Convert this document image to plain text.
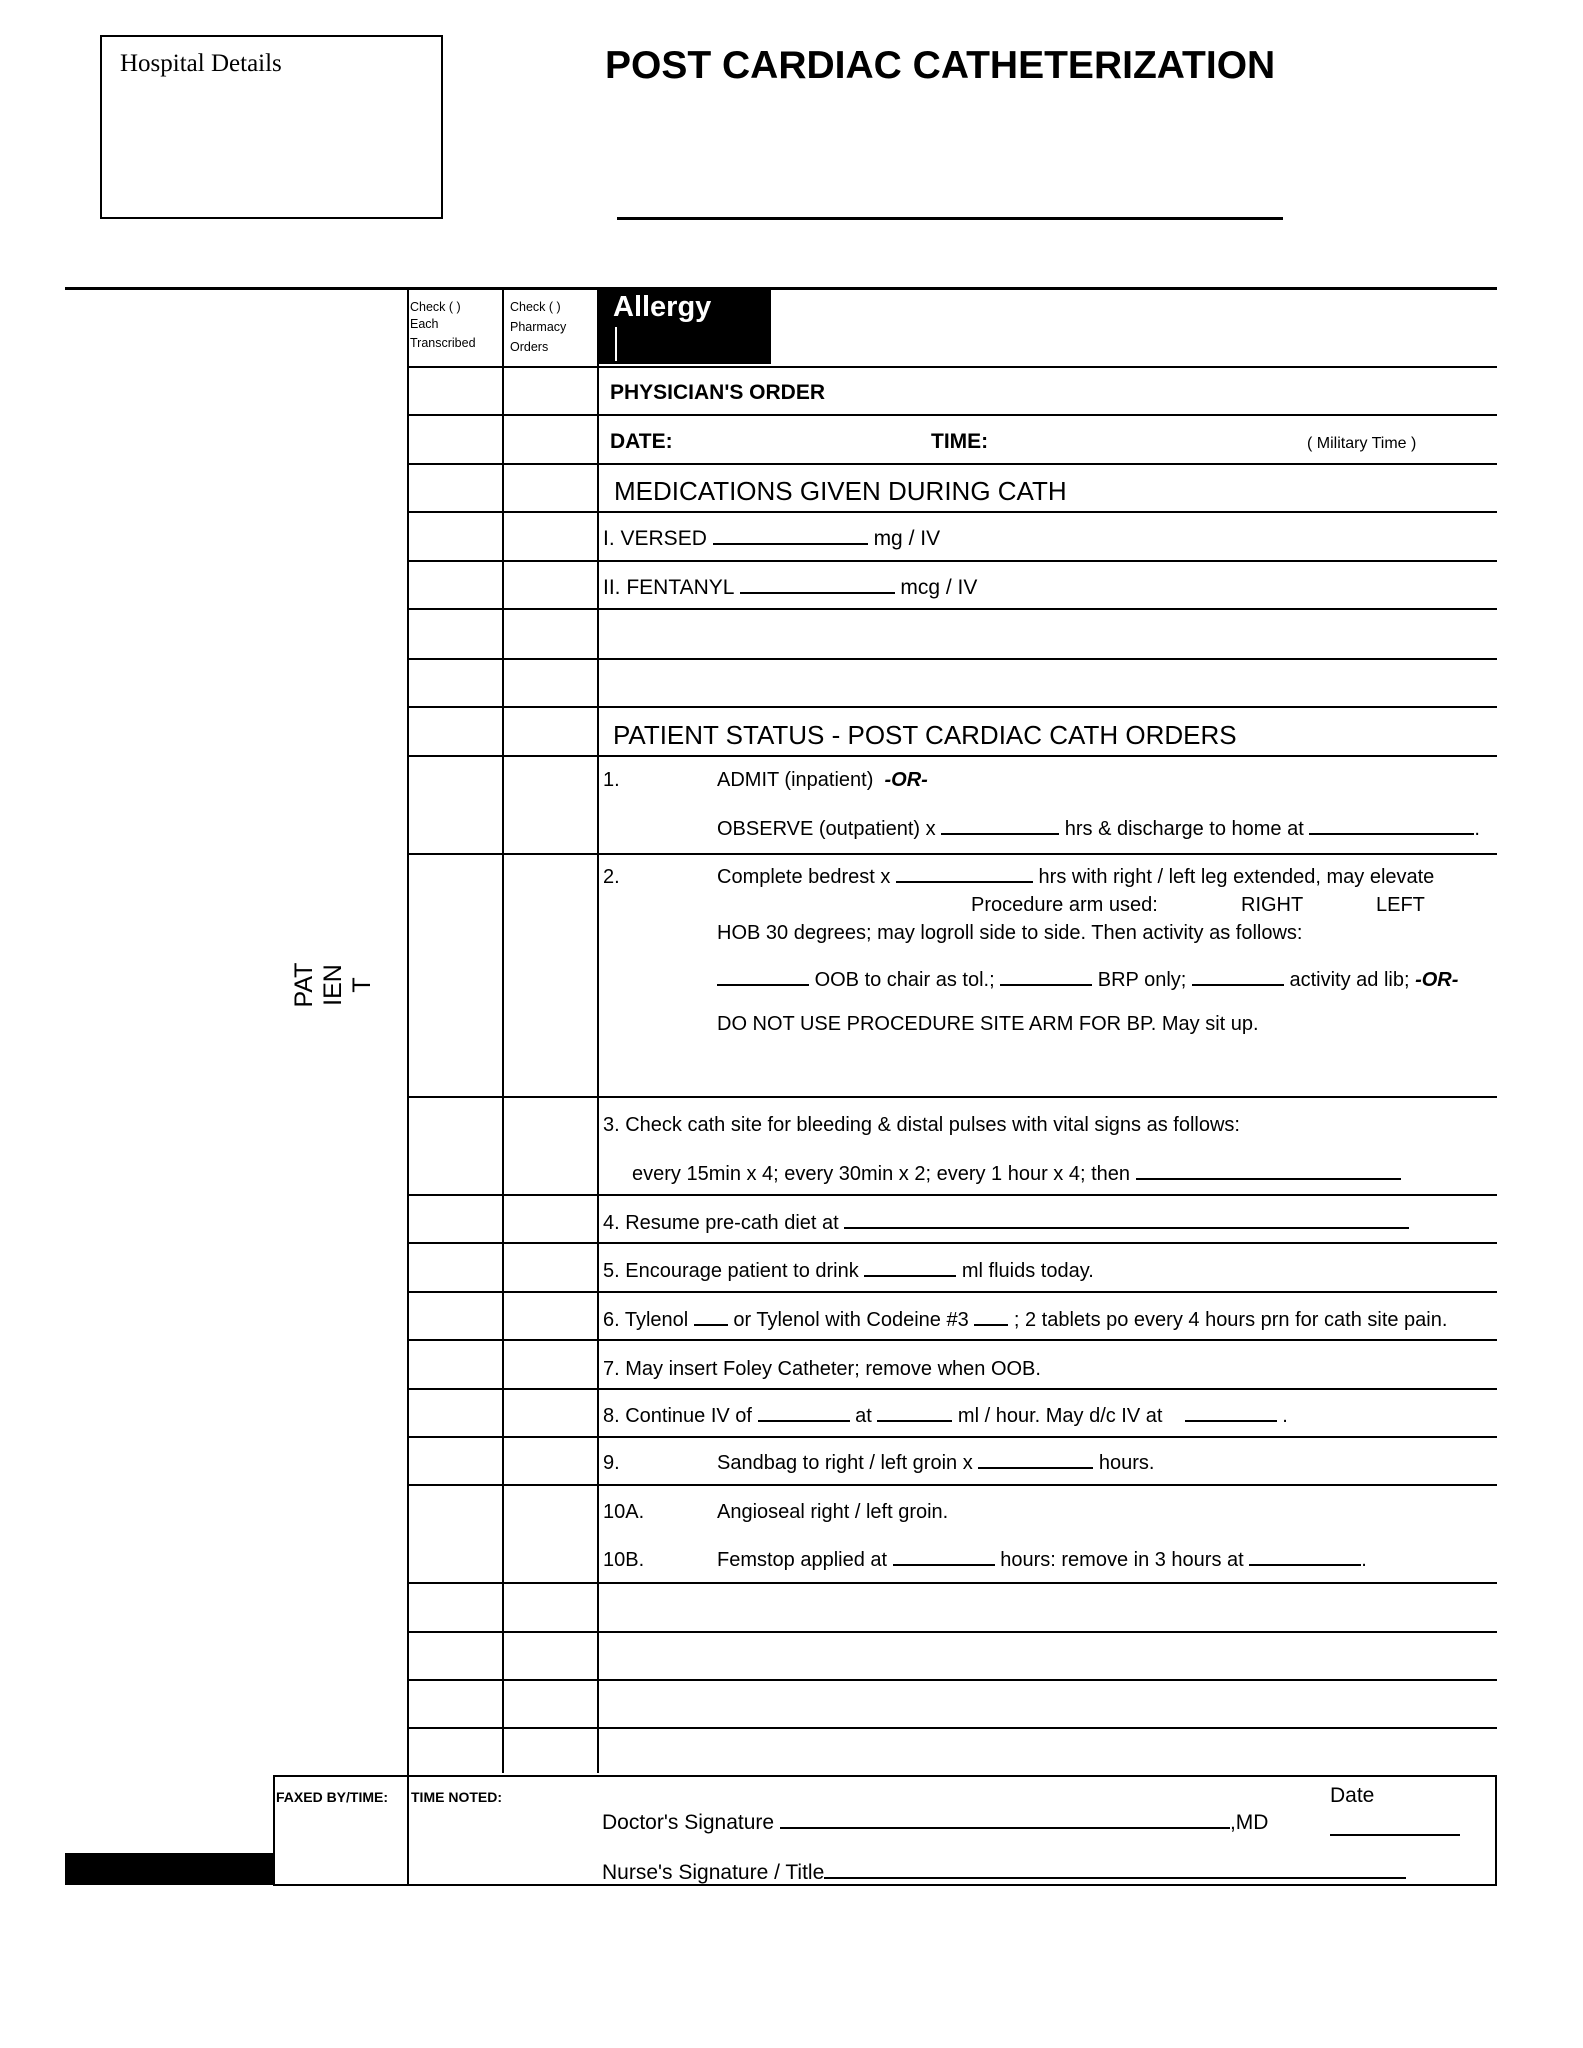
Hospital Details	POST CARDIAC CATHETERIZATION
Check ( )
Each
Transcribed
Check ( )
Pharmacy
Orders
Allergy
PAT IEN T
PHYSICIAN'S ORDER
DATE:	TIME:	( Military Time )
MEDICATIONS GIVEN DURING CATH
I. VERSED	mg / IV
II. FENTANYL	mcg / IV
PATIENT STATUS - POST CARDIAC CATH ORDERS
1.	ADMIT (inpatient) -OR-
OBSERVE (outpatient) x	hrs & discharge to home at	.
2.	Complete bedrest x	hrs with right / left leg extended, may elevate
Procedure arm used:	RIGHT	LEFT
HOB 30 degrees; may logroll side to side. Then activity as follows:
OOB to chair as tol.;	BRP only;	activity ad lib; -OR-
DO NOT USE PROCEDURE SITE ARM FOR BP. May sit up.
3. Check cath site for bleeding & distal pulses with vital signs as follows:
every 15min x 4; every 30min x 2; every 1 hour x 4; then
4. Resume pre-cath diet at
5. Encourage patient to drink	ml fluids today.
6. Tylenol or Tylenol with Codeine #3 ; 2 tablets po every 4 hours prn for cath site pain.
7. May insert Foley Catheter; remove when OOB.
8. Continue IV of	at	ml / hour. May d/c IV at	.
9.	Sandbag to right / left groin x	hours.
10A.	Angioseal right / left groin.
10B.	Femstop applied at	hours: remove in 3 hours at	.
FAXED BY/TIME: TIME NOTED:
Doctor's Signature	,MD
Date
Nurse's Signature / Title
